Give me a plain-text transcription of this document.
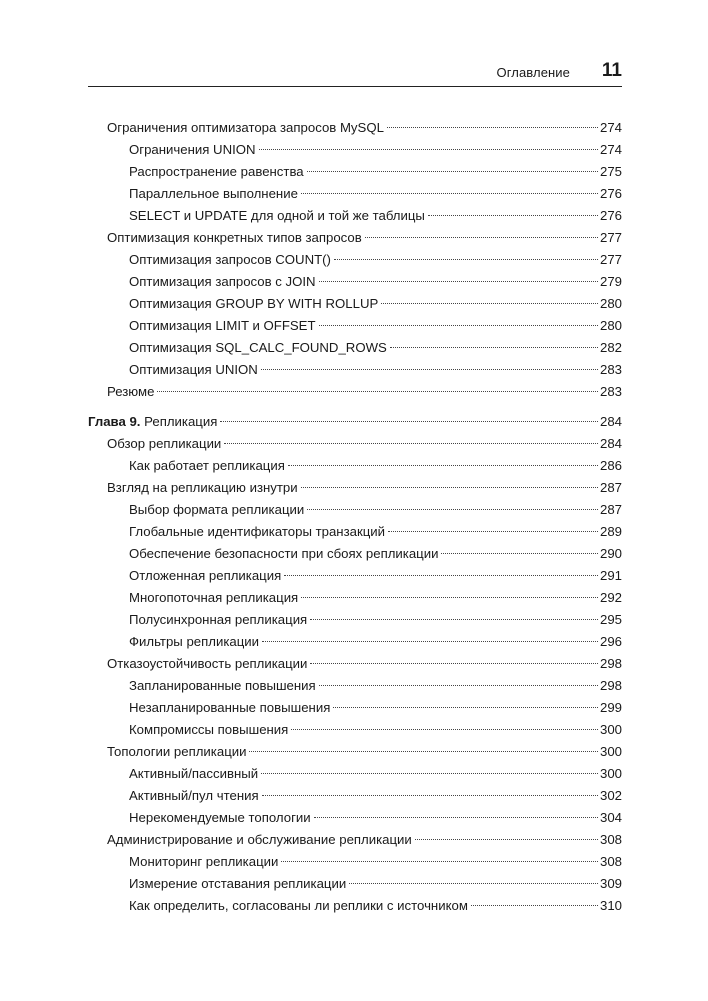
Оглавление 11
Ограничения оптимизатора запросов MySQL	274
Ограничения UNION	274
Распространение равенства	275
Параллельное выполнение	276
SELECT и UPDATE для одной и той же таблицы	276
Оптимизация конкретных типов запросов	277
Оптимизация запросов COUNT()	277
Оптимизация запросов с JOIN	279
Оптимизация GROUP BY WITH ROLLUP	280
Оптимизация LIMIT и OFFSET	280
Оптимизация SQL_CALC_FOUND_ROWS	282
Оптимизация UNION	283
Резюме	283
Глава 9. Репликация	284
Обзор репликации	284
Как работает репликация	286
Взгляд на репликацию изнутри	287
Выбор формата репликации	287
Глобальные идентификаторы транзакций	289
Обеспечение безопасности при сбоях репликации	290
Отложенная репликация	291
Многопоточная репликация	292
Полусинхронная репликация	295
Фильтры репликации	296
Отказоустойчивость репликации	298
Запланированные повышения	298
Незапланированные повышения	299
Компромиссы повышения	300
Топологии репликации	300
Активный/пассивный	300
Активный/пул чтения	302
Нерекомендуемые топологии	304
Администрирование и обслуживание репликации	308
Мониторинг репликации	308
Измерение отставания репликации	309
Как определить, согласованы ли реплики с источником	310
